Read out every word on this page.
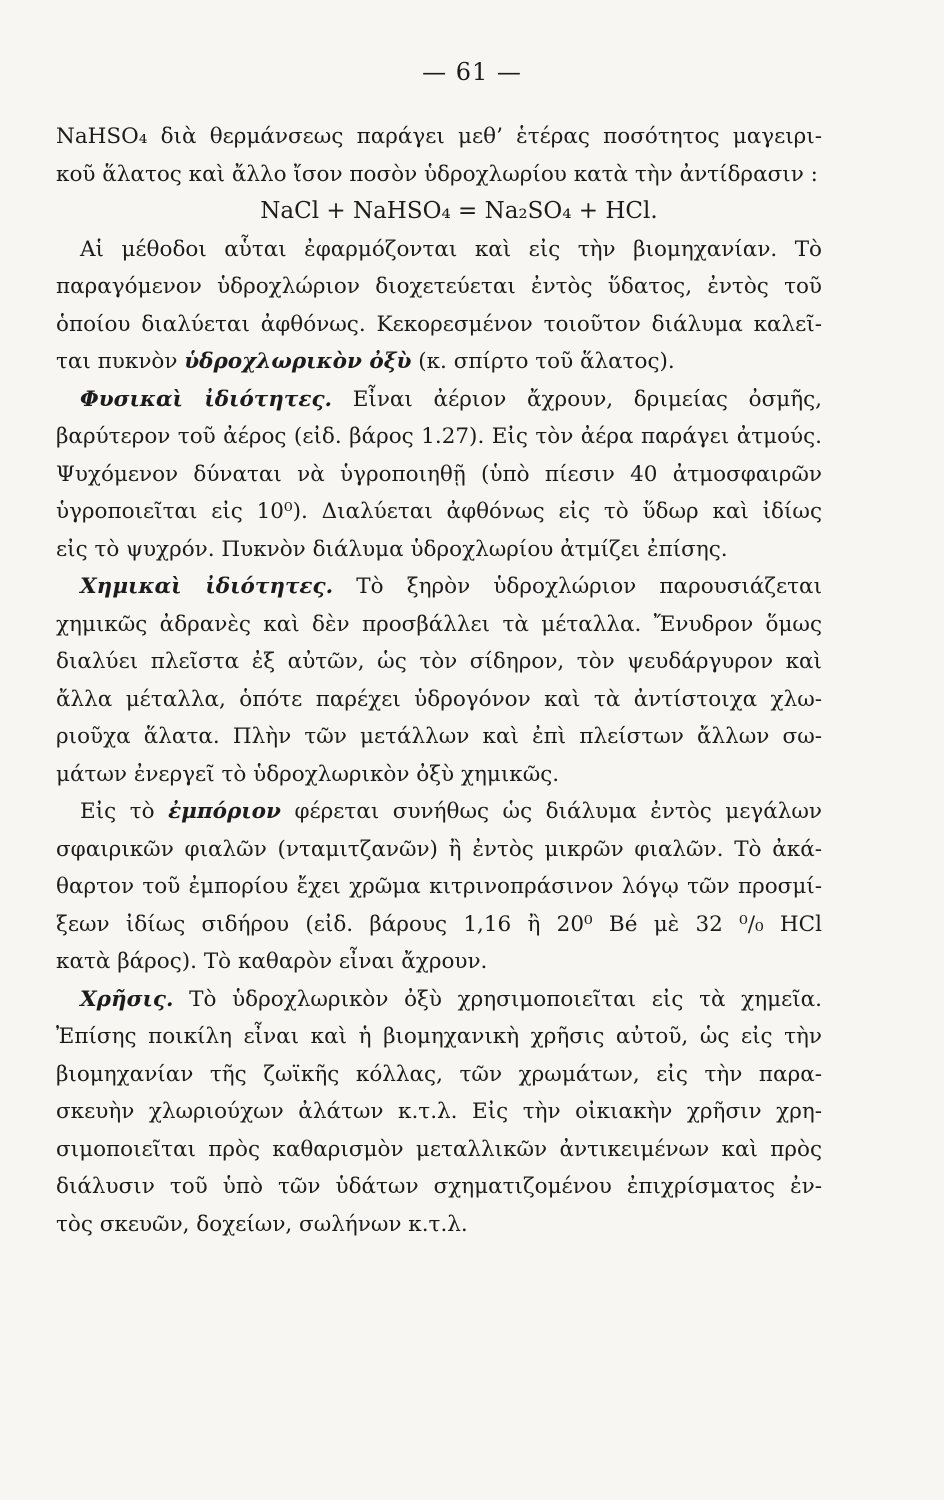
— 61 —
NaHSO₄ διὰ θερμάνσεως παράγει μεθ’ ἑτέρας ποσότητος μαγειρι-
κοῦ ἅλατος καὶ ἄλλο ἴσον ποσὸν ὑδροχλωρίου κατὰ τὴν ἀντίδρασιν :
NaCl + NaHSO₄ = Na₂SO₄ + HCl.
Αἱ μέθοδοι αὗται ἐφαρμόζονται καὶ εἰς τὴν βιομηχανίαν. Τὸ
παραγόμενον ὑδροχλώριον διοχετεύεται ἐντὸς ὕδατος, ἐντὸς τοῦ
ὁποίου διαλύεται ἀφθόνως. Κεκορεσμένον τοιοῦτον διάλυμα καλεῖ-
ται πυκνὸν ὑδροχλωρικὸν ὀξὺ (κ. σπίρτο τοῦ ἅλατος).
Φυσικαὶ ἰδιότητες. Εἶναι ἀέριον ἄχρουν, δριμείας ὀσμῆς,
βαρύτερον τοῦ ἀέρος (εἰδ. βάρος 1.27). Εἰς τὸν ἀέρα παράγει ἀτμούς.
Ψυχόμενον δύναται νὰ ὑγροποιηθῇ (ὑπὸ πίεσιν 40 ἀτμοσφαιρῶν
ὑγροποιεῖται εἰς 10⁰). Διαλύεται ἀφθόνως εἰς τὸ ὕδωρ καὶ ἰδίως
εἰς τὸ ψυχρόν. Πυκνὸν διάλυμα ὑδροχλωρίου ἀτμίζει ἐπίσης.
Χημικαὶ ἰδιότητες. Τὸ ξηρὸν ὑδροχλώριον παρουσιάζεται
χημικῶς ἀδρανὲς καὶ δὲν προσβάλλει τὰ μέταλλα. Ἔνυδρον ὅμως
διαλύει πλεῖστα ἐξ αὐτῶν, ὡς τὸν σίδηρον, τὸν ψευδάργυρον καὶ
ἄλλα μέταλλα, ὁπότε παρέχει ὑδρογόνον καὶ τὰ ἀντίστοιχα χλω-
ριοῦχα ἅλατα. Πλὴν τῶν μετάλλων καὶ ἐπὶ πλείστων ἄλλων σω-
μάτων ἐνεργεῖ τὸ ὑδροχλωρικὸν ὀξὺ χημικῶς.
Εἰς τὸ ἐμπόριον φέρεται συνήθως ὡς διάλυμα ἐντὸς μεγάλων
σφαιρικῶν φιαλῶν (νταμιτζανῶν) ἢ ἐντὸς μικρῶν φιαλῶν. Τὸ ἀκά-
θαρτον τοῦ ἐμπορίου ἔχει χρῶμα κιτρινοπράσινον λόγῳ τῶν προσμί-
ξεων ἰδίως σιδήρου (εἰδ. βάρους 1,16 ἢ 20⁰ Bé μὲ 32 ⁰/₀ HCl
κατὰ βάρος). Τὸ καθαρὸν εἶναι ἄχρουν.
Χρῆσις. Τὸ ὑδροχλωρικὸν ὀξὺ χρησιμοποιεῖται εἰς τὰ χημεῖα.
Ἐπίσης ποικίλη εἶναι καὶ ἡ βιομηχανικὴ χρῆσις αὐτοῦ, ὡς εἰς τὴν
βιομηχανίαν τῆς ζωϊκῆς κόλλας, τῶν χρωμάτων, εἰς τὴν παρα-
σκευὴν χλωριούχων ἀλάτων κ.τ.λ. Εἰς τὴν οἰκιακὴν χρῆσιν χρη-
σιμοποιεῖται πρὸς καθαρισμὸν μεταλλικῶν ἀντικειμένων καὶ πρὸς
διάλυσιν τοῦ ὑπὸ τῶν ὑδάτων σχηματιζομένου ἐπιχρίσματος ἐν-
τὸς σκευῶν, δοχείων, σωλήνων κ.τ.λ.
